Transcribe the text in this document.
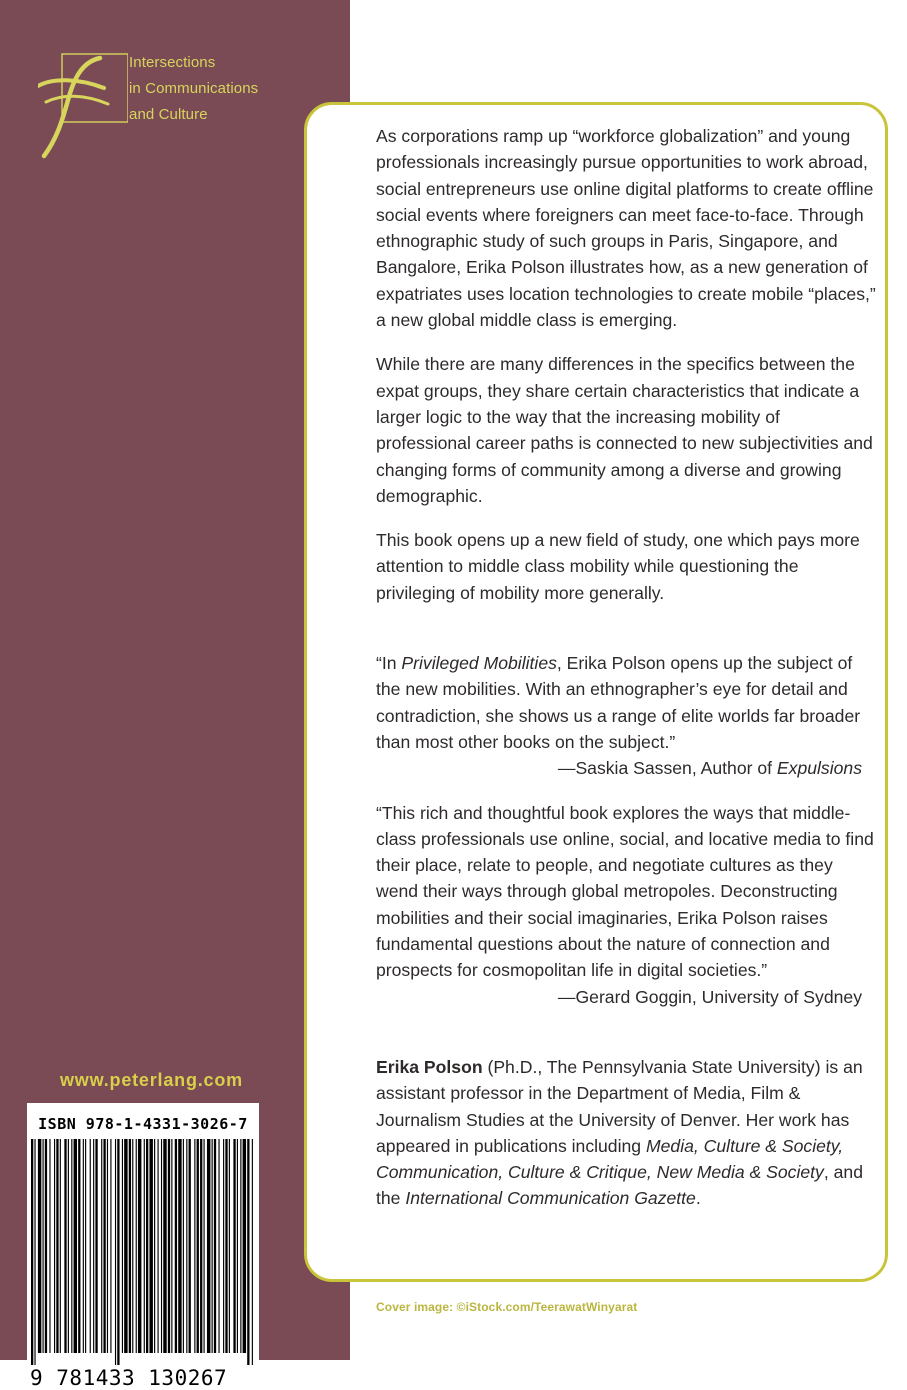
Intersections
in Communications
and Culture
www.peterlang.com
ISBN 978-1-4331-3026-7
9 781433 130267

As corporations ramp up “workforce globalization” and young professionals increasingly pursue opportunities to work abroad, social entrepreneurs use online digital platforms to create offline social events where foreigners can meet face-to-face. Through ethnographic study of such groups in Paris, Singapore, and Bangalore, Erika Polson illustrates how, as a new generation of expatriates uses location technologies to create mobile “places,” a new global middle class is emerging.

While there are many differences in the specifics between the expat groups, they share certain characteristics that indicate a larger logic to the way that the increasing mobility of professional career paths is connected to new subjectivities and changing forms of community among a diverse and growing demographic.

This book opens up a new field of study, one which pays more attention to middle class mobility while questioning the privileging of mobility more generally.

“In Privileged Mobilities, Erika Polson opens up the subject of the new mobilities. With an ethnographer’s eye for detail and contradiction, she shows us a range of elite worlds far broader than most other books on the subject.”
—Saskia Sassen, Author of Expulsions

“This rich and thoughtful book explores the ways that middle-class professionals use online, social, and locative media to find their place, relate to people, and negotiate cultures as they wend their ways through global metropoles. Deconstructing mobilities and their social imaginaries, Erika Polson raises fundamental questions about the nature of connection and prospects for cosmopolitan life in digital societies.”
—Gerard Goggin, University of Sydney

Erika Polson (Ph.D., The Pennsylvania State University) is an assistant professor in the Department of Media, Film & Journalism Studies at the University of Denver. Her work has appeared in publications including Media, Culture & Society, Communication, Culture & Critique, New Media & Society, and the International Communication Gazette.

Cover image: ©iStock.com/TeerawatWinyarat
